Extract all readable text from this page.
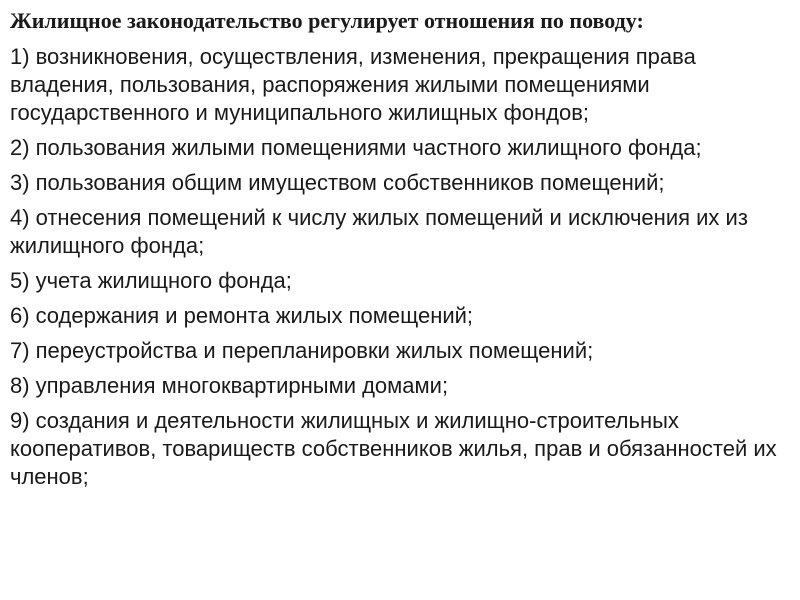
Жилищное законодательство регулирует отношения по поводу:
1) возникновения, осуществления, изменения, прекращения права владения, пользования, распоряжения жилыми помещениями государственного и муниципального жилищных фондов;
2) пользования жилыми помещениями частного жилищного фонда;
3) пользования общим имуществом собственников помещений;
4) отнесения помещений к числу жилых помещений и исключения их из жилищного фонда;
5) учета жилищного фонда;
6) содержания и ремонта жилых помещений;
7) переустройства и перепланировки жилых помещений;
8) управления многоквартирными домами;
9) создания и деятельности жилищных и жилищно-строительных кооперативов, товариществ собственников жилья, прав и обязанностей их членов;
